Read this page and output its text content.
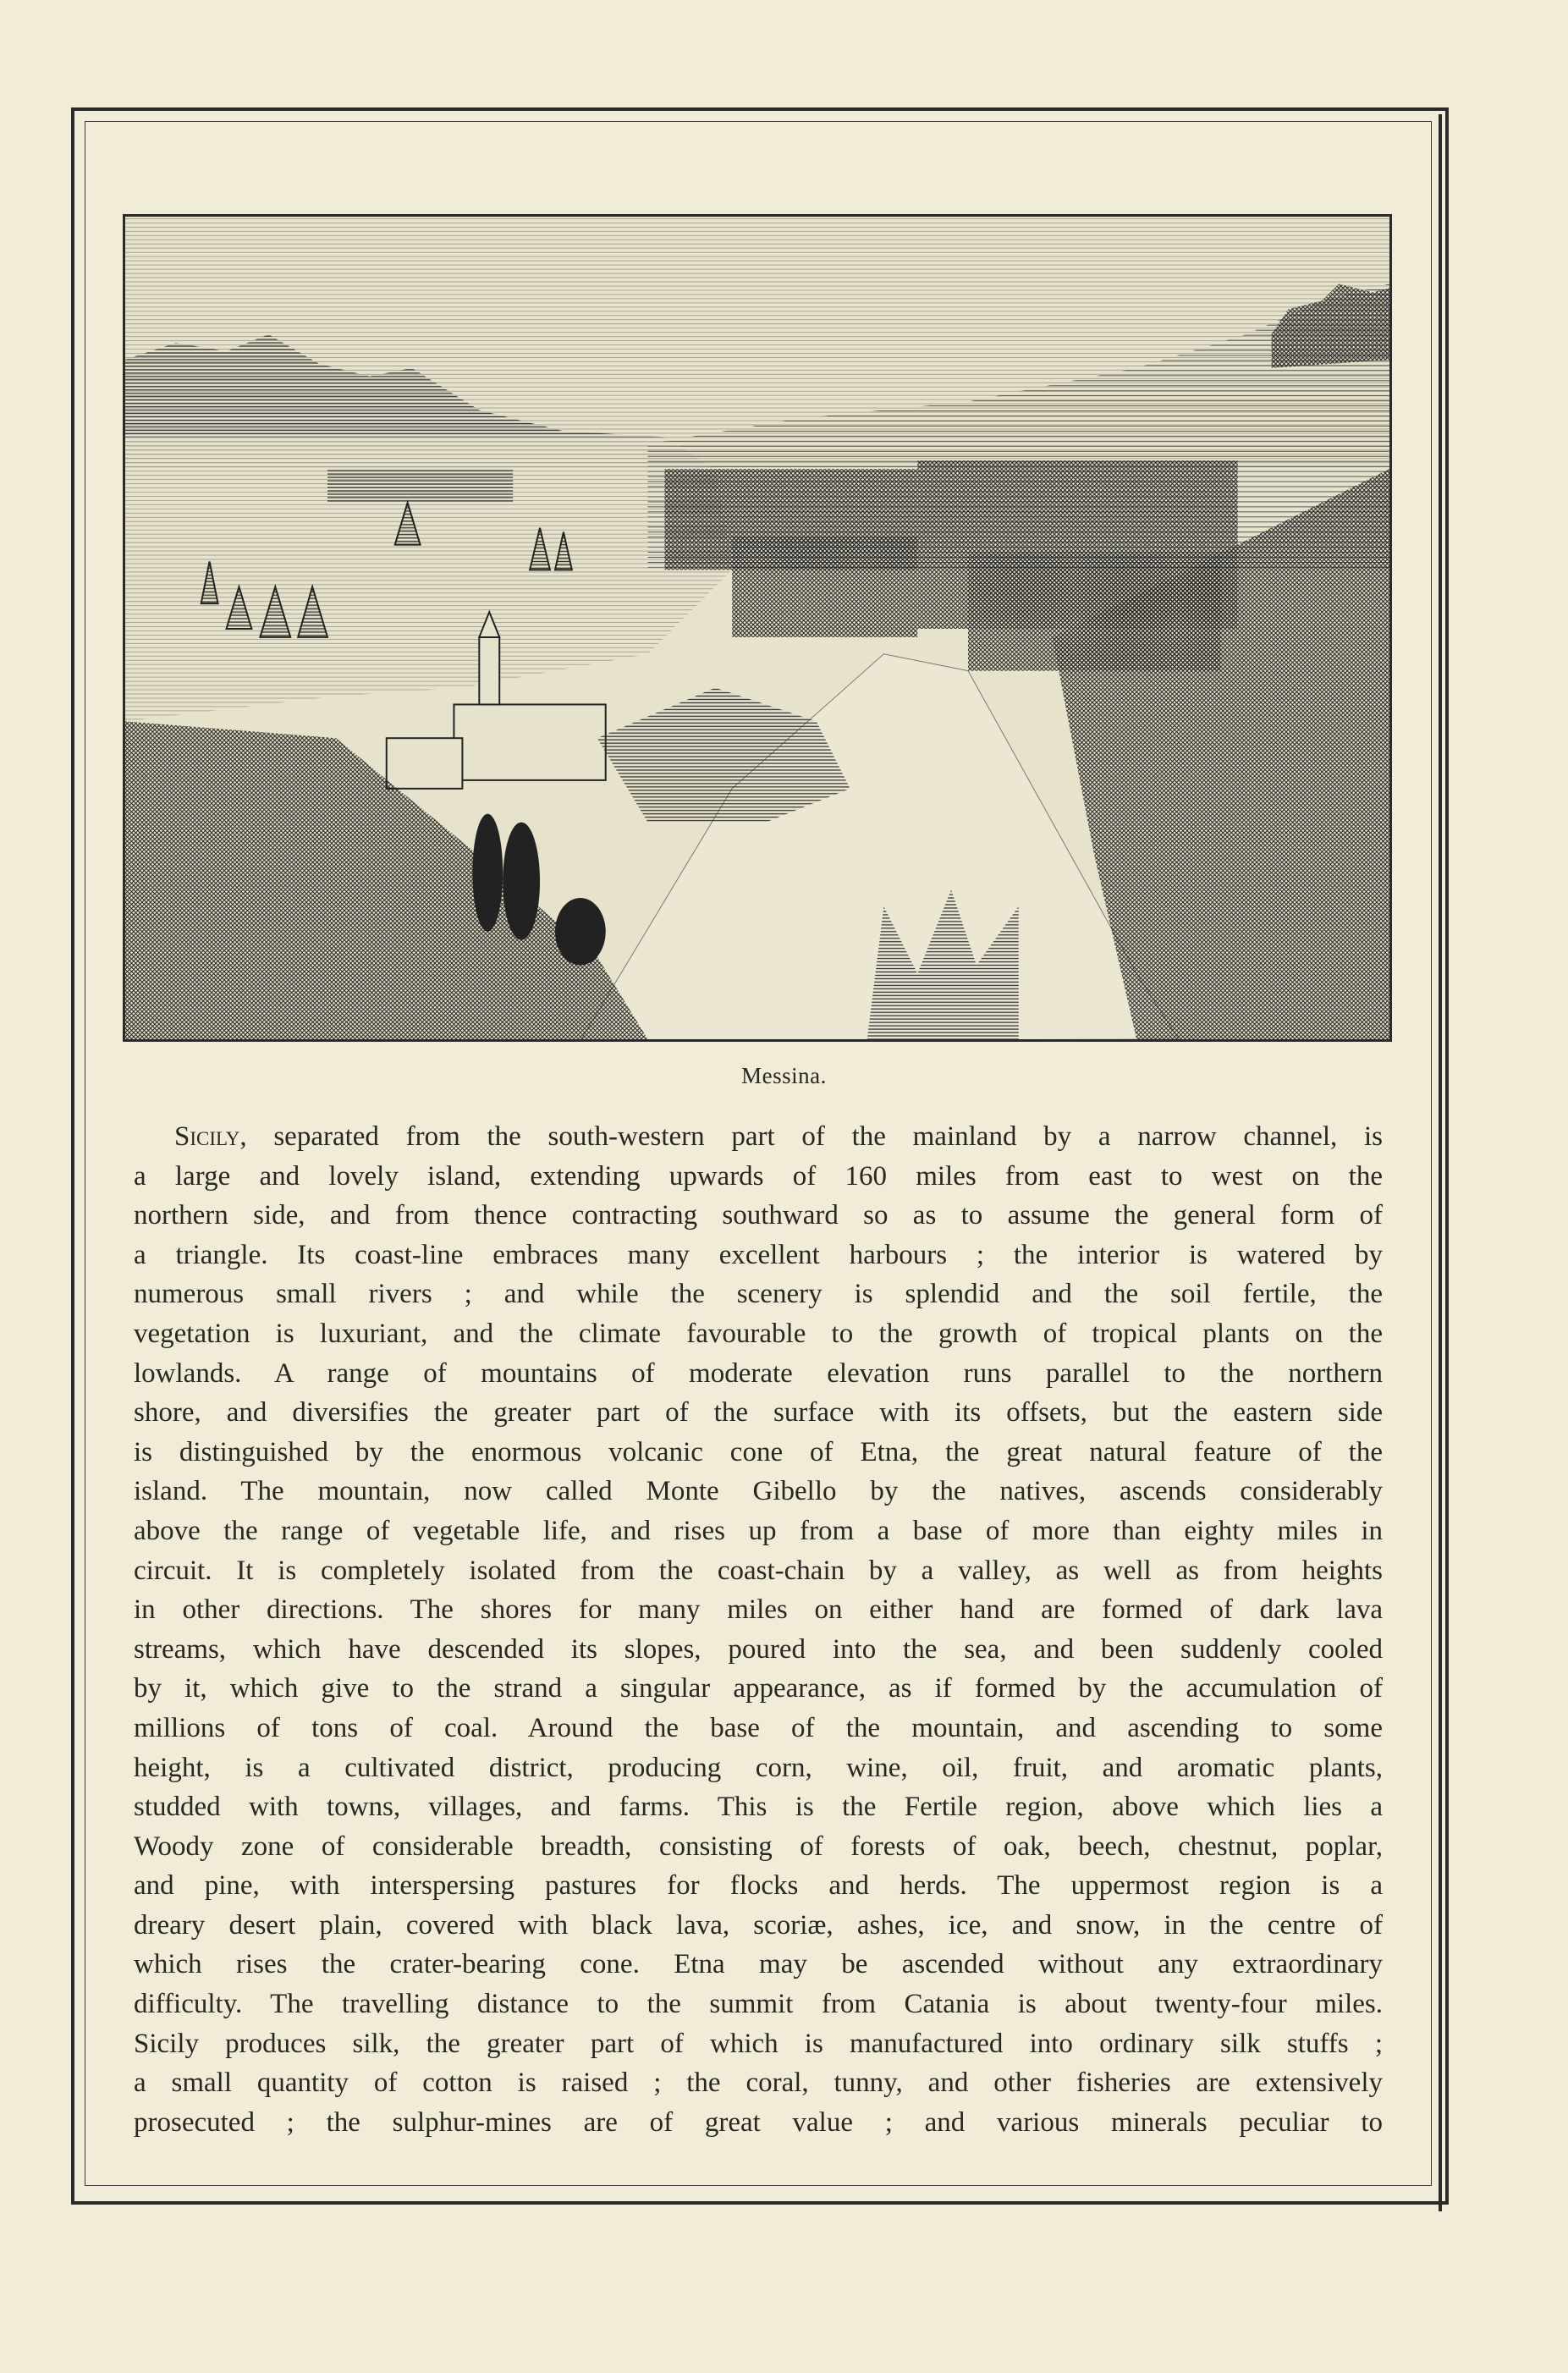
Messina.
Sicily, separated from the south-western part of the mainland by a narrow channel, is
a large and lovely island, extending upwards of 160 miles from east to west on the
northern side, and from thence contracting southward so as to assume the general form of
a triangle. Its coast-line embraces many excellent harbours ; the interior is watered by
numerous small rivers ; and while the scenery is splendid and the soil fertile, the
vegetation is luxuriant, and the climate favourable to the growth of tropical plants on the
lowlands. A range of mountains of moderate elevation runs parallel to the northern
shore, and diversifies the greater part of the surface with its offsets, but the eastern side
is distinguished by the enormous volcanic cone of Etna, the great natural feature of the
island. The mountain, now called Monte Gibello by the natives, ascends considerably
above the range of vegetable life, and rises up from a base of more than eighty miles in
circuit. It is completely isolated from the coast-chain by a valley, as well as from heights
in other directions. The shores for many miles on either hand are formed of dark lava
streams, which have descended its slopes, poured into the sea, and been suddenly cooled
by it, which give to the strand a singular appearance, as if formed by the accumulation of
millions of tons of coal. Around the base of the mountain, and ascending to some
height, is a cultivated district, producing corn, wine, oil, fruit, and aromatic plants,
studded with towns, villages, and farms. This is the Fertile region, above which lies a
Woody zone of considerable breadth, consisting of forests of oak, beech, chestnut, poplar,
and pine, with interspersing pastures for flocks and herds. The uppermost region is a
dreary desert plain, covered with black lava, scoriæ, ashes, ice, and snow, in the centre of
which rises the crater-bearing cone. Etna may be ascended without any extraordinary
difficulty. The travelling distance to the summit from Catania is about twenty-four miles.
Sicily produces silk, the greater part of which is manufactured into ordinary silk stuffs ;
a small quantity of cotton is raised ; the coral, tunny, and other fisheries are extensively
prosecuted ; the sulphur-mines are of great value ; and various minerals peculiar to
